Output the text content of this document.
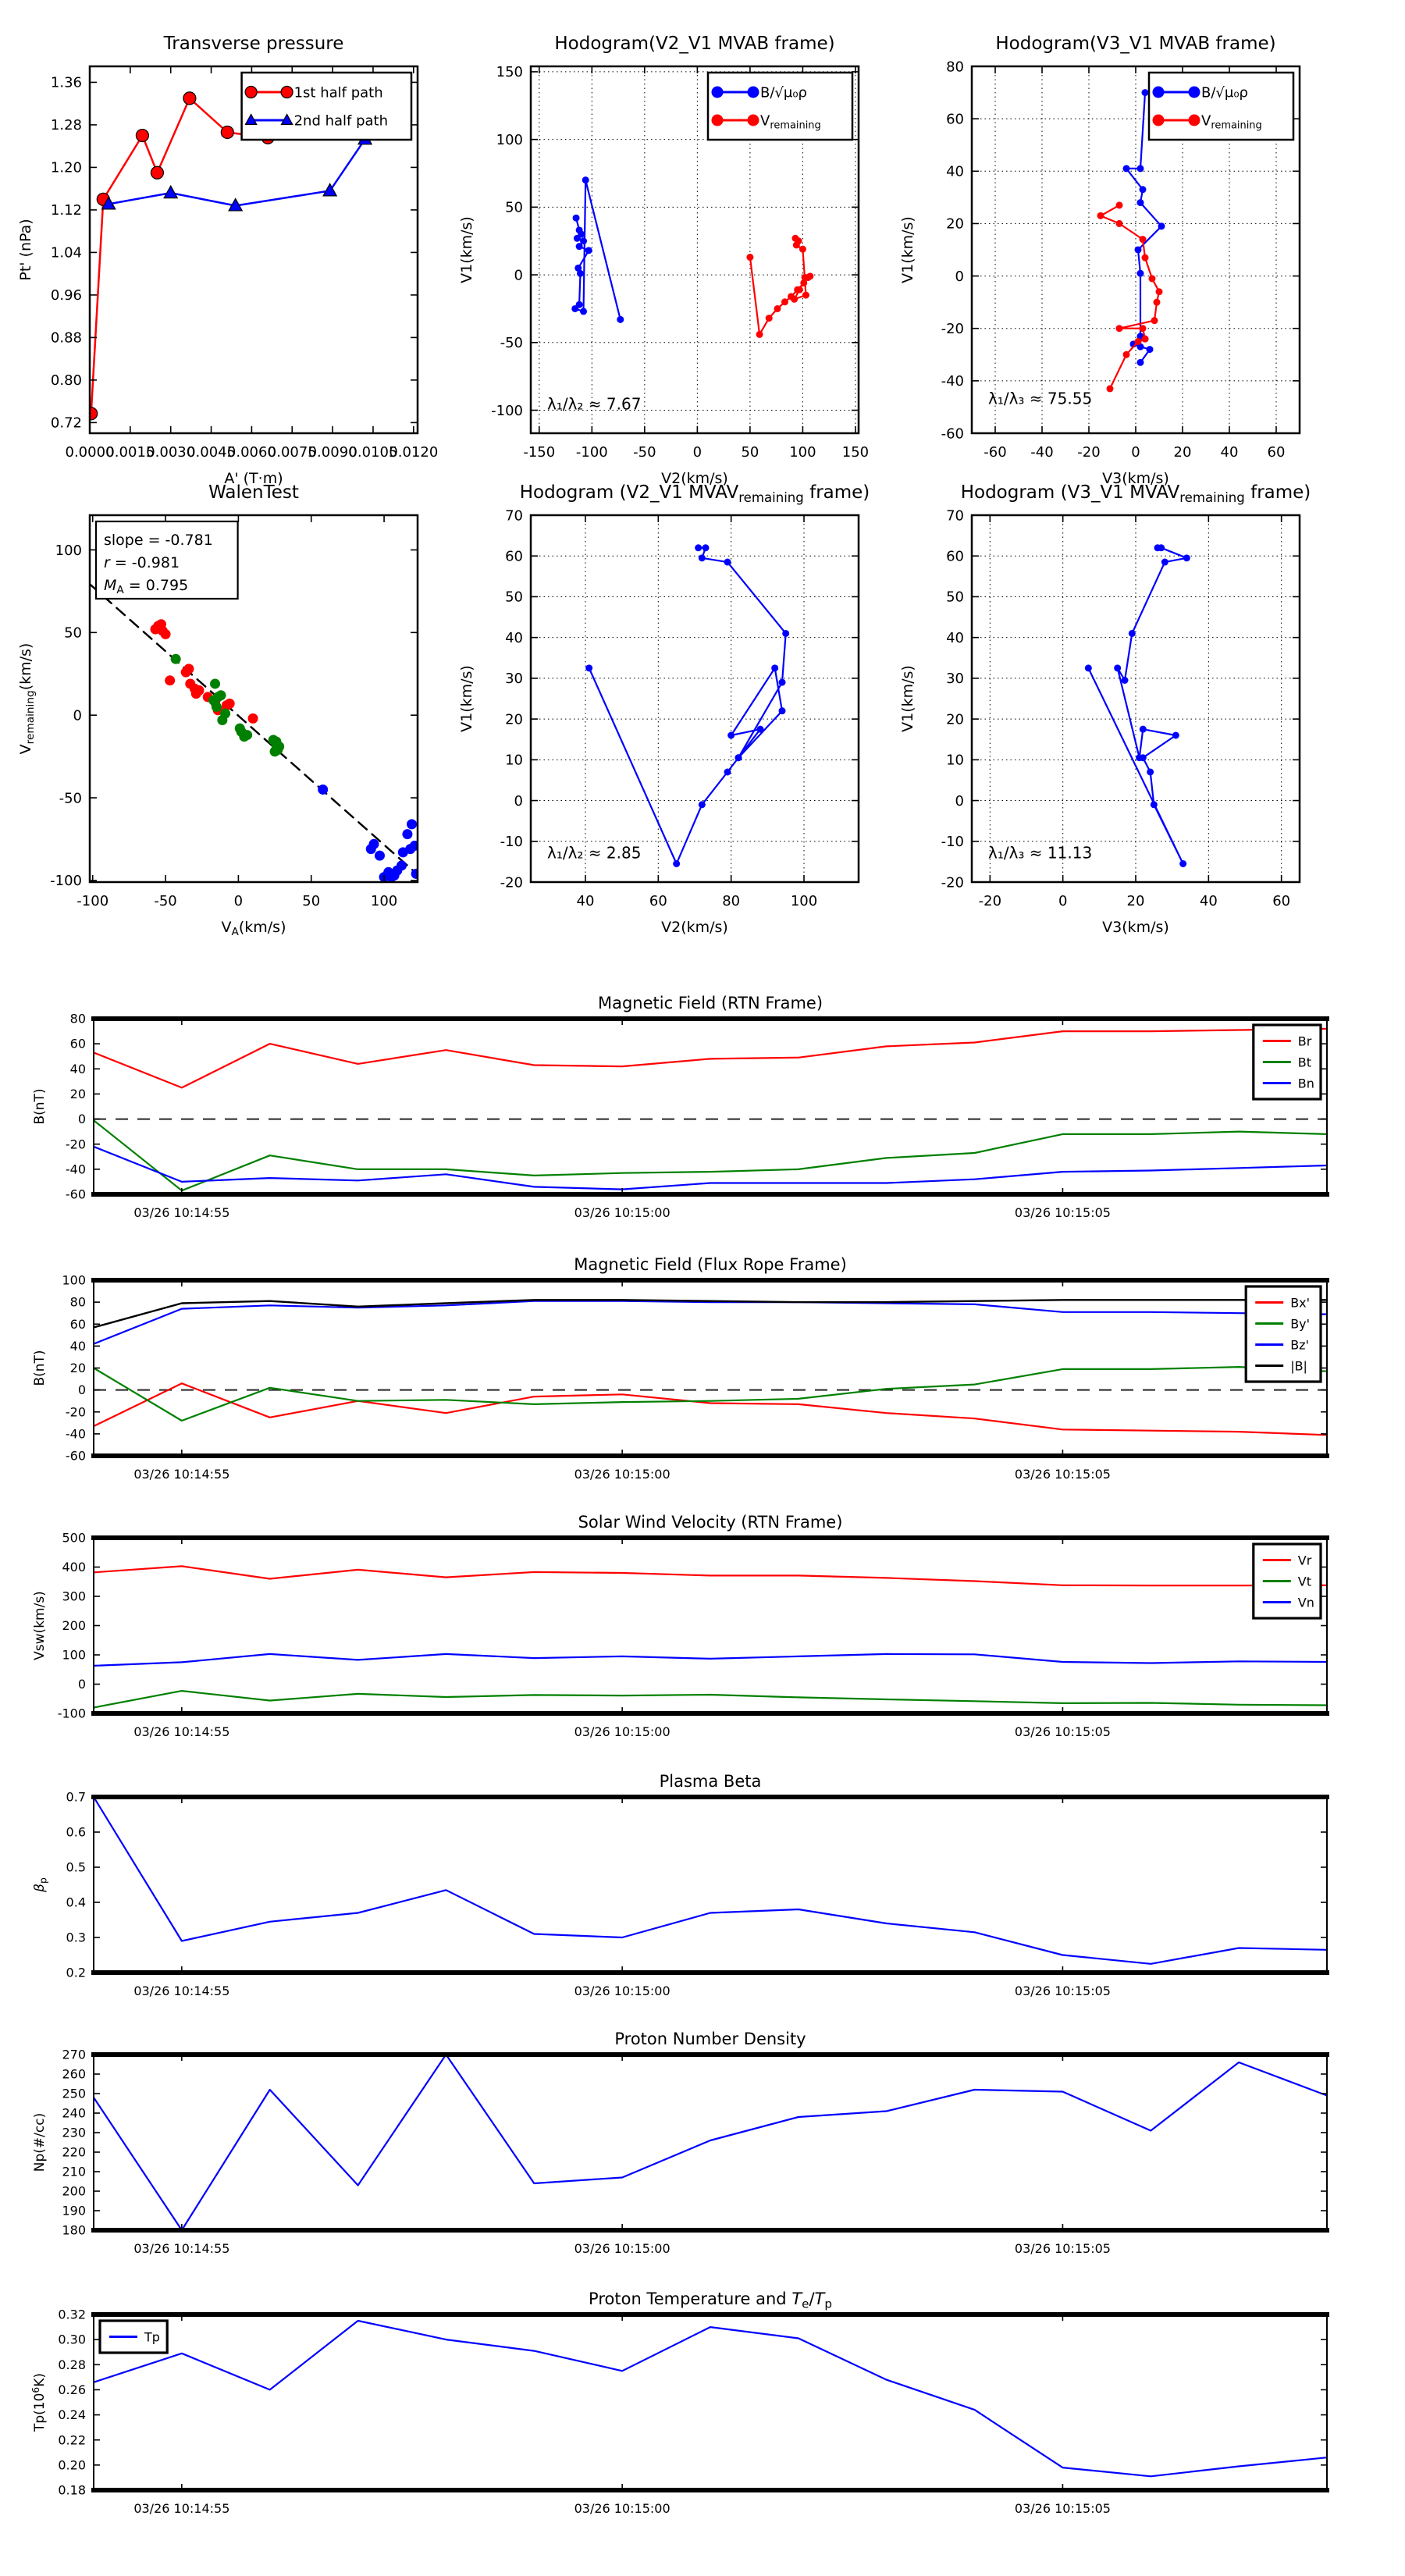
0.0000
0.0015
0.0030
0.0045
0.0060
0.0075
0.0090
0.0105
0.0120
0.72
0.80
0.88
0.96
1.04
1.12
1.20
1.28
1.36
Transverse pressure
A' (T·m)
Pt' (nPa)
1st half path
2nd half path
-150 -100 -50	0	50 100 150
-100
-50
0
50
100
150
Hodogram(V2_V1 MVAB frame)
V2(km/s)
V1(km/s)
B/√μ₀ρ
$V_{remaining}$
λ₁/λ₂ ≈ 7.67
-60 -40 -20 0 20 40 60
-60
-40
-20
0
20
40
60
80
Hodogram(V3_V1 MVAB frame)
V3(km/s)
V1(km/s)
B/√μ₀ρ
$V_{remaining}$
λ₁/λ₃ ≈ 75.55
-100	-50	0	50	100
-100
-50
0
50
100
WalenTest
$V_A(km/s)$
$V_{remaining}(km/s)$
slope = -0.781
r = -0.981
$M_A = 0.795$
40	60	80	100
-20
-10
0
10
20
30
40
50
60
70
Hodogram (V2_V1 $MVAV_{remaining}$ frame)
V2(km/s)
V1(km/s)
λ₁/λ₂ ≈ 2.85
-20	0	20	40	60
-20
-10
0
10
20
30
40
50
60
70
Hodogram (V3_V1 $MVAV_{remaining}$ frame)
V3(km/s)
V1(km/s)
λ₁/λ₃ ≈ 11.13
03/26 10:14:55	03/26 10:15:00	03/26 10:15:05
-60
-40
-20
0
20
40
60
80
Magnetic Field (RTN Frame)
B(nT)
Br
Bt
Bn
03/26 10:14:55	03/26 10:15:00	03/26 10:15:05
-60
-40
-20
0
20
40
60
80
100
Magnetic Field (Flux Rope Frame)
B(nT)
Bx'
By'
Bz'
|B|
03/26 10:14:55	03/26 10:15:00	03/26 10:15:05
-100
0
100
200
300
400
500
Solar Wind Velocity (RTN Frame)
Vsw(km/s)
Vr
Vt
Vn
03/26 10:14:55	03/26 10:15:00	03/26 10:15:05
0.2
0.3
0.4
0.5
0.6
0.7
Plasma Beta
$\beta_p$
03/26 10:14:55	03/26 10:15:00	03/26 10:15:05
180
190
200
210
220
230
240
250
260
270
Proton Number Density
Np(#/cc)
03/26 10:14:55	03/26 10:15:00	03/26 10:15:05
0.18
0.20
0.22
0.24
0.26
0.28
0.30
0.32
Proton Temperature and $T_e/T_p$
$Tp(10^6K)$
Tp
